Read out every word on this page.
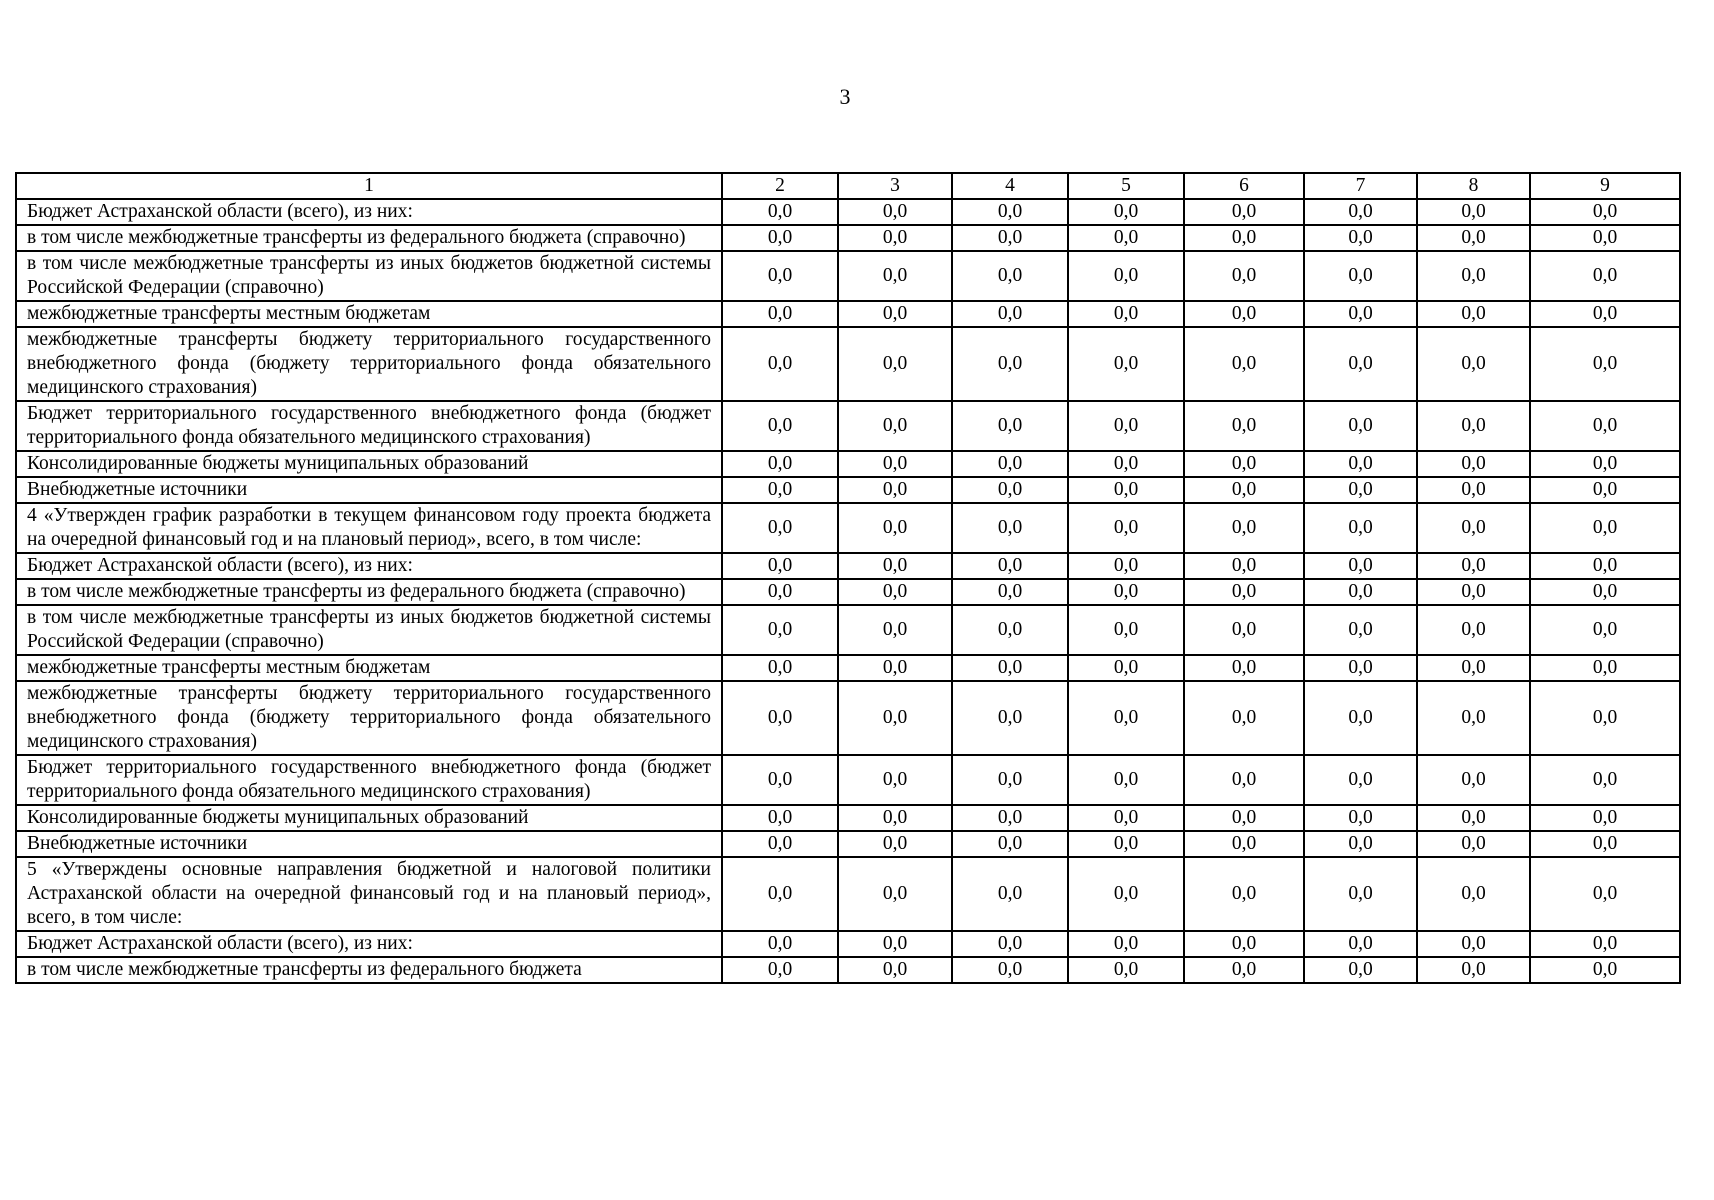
3
1	2	3	4	5	6	7	8	9
Бюджет Астраханской области (всего), из них:	0,0	0,0	0,0	0,0	0,0	0,0	0,0	0,0
в том числе межбюджетные трансферты из федерального бюджета (справочно)	0,0	0,0	0,0	0,0	0,0	0,0	0,0	0,0
в том числе межбюджетные трансферты из иных бюджетов бюджетной системы Российской Федерации (справочно)	0,0	0,0	0,0	0,0	0,0	0,0	0,0	0,0
межбюджетные трансферты местным бюджетам	0,0	0,0	0,0	0,0	0,0	0,0	0,0	0,0
межбюджетные трансферты бюджету территориального государственного внебюджетного фонда (бюджету территориального фонда обязательного медицинского страхования)	0,0	0,0	0,0	0,0	0,0	0,0	0,0	0,0
Бюджет территориального государственного внебюджетного фонда (бюджет территориального фонда обязательного медицинского страхования)	0,0	0,0	0,0	0,0	0,0	0,0	0,0	0,0
Консолидированные бюджеты муниципальных образований	0,0	0,0	0,0	0,0	0,0	0,0	0,0	0,0
Внебюджетные источники	0,0	0,0	0,0	0,0	0,0	0,0	0,0	0,0
4 «Утвержден график разработки в текущем финансовом году проекта бюджета на очередной финансовый год и на плановый период», всего, в том числе:	0,0	0,0	0,0	0,0	0,0	0,0	0,0	0,0
Бюджет Астраханской области (всего), из них:	0,0	0,0	0,0	0,0	0,0	0,0	0,0	0,0
в том числе межбюджетные трансферты из федерального бюджета (справочно)	0,0	0,0	0,0	0,0	0,0	0,0	0,0	0,0
в том числе межбюджетные трансферты из иных бюджетов бюджетной системы Российской Федерации (справочно)	0,0	0,0	0,0	0,0	0,0	0,0	0,0	0,0
межбюджетные трансферты местным бюджетам	0,0	0,0	0,0	0,0	0,0	0,0	0,0	0,0
межбюджетные трансферты бюджету территориального государственного внебюджетного фонда (бюджету территориального фонда обязательного медицинского страхования)	0,0	0,0	0,0	0,0	0,0	0,0	0,0	0,0
Бюджет территориального государственного внебюджетного фонда (бюджет территориального фонда обязательного медицинского страхования)	0,0	0,0	0,0	0,0	0,0	0,0	0,0	0,0
Консолидированные бюджеты муниципальных образований	0,0	0,0	0,0	0,0	0,0	0,0	0,0	0,0
Внебюджетные источники	0,0	0,0	0,0	0,0	0,0	0,0	0,0	0,0
5 «Утверждены основные направления бюджетной и налоговой политики Астраханской области на очередной финансовый год и на плановый период», всего, в том числе:	0,0	0,0	0,0	0,0	0,0	0,0	0,0	0,0
Бюджет Астраханской области (всего), из них:	0,0	0,0	0,0	0,0	0,0	0,0	0,0	0,0
в том числе межбюджетные трансферты из федерального бюджета	0,0	0,0	0,0	0,0	0,0	0,0	0,0	0,0
